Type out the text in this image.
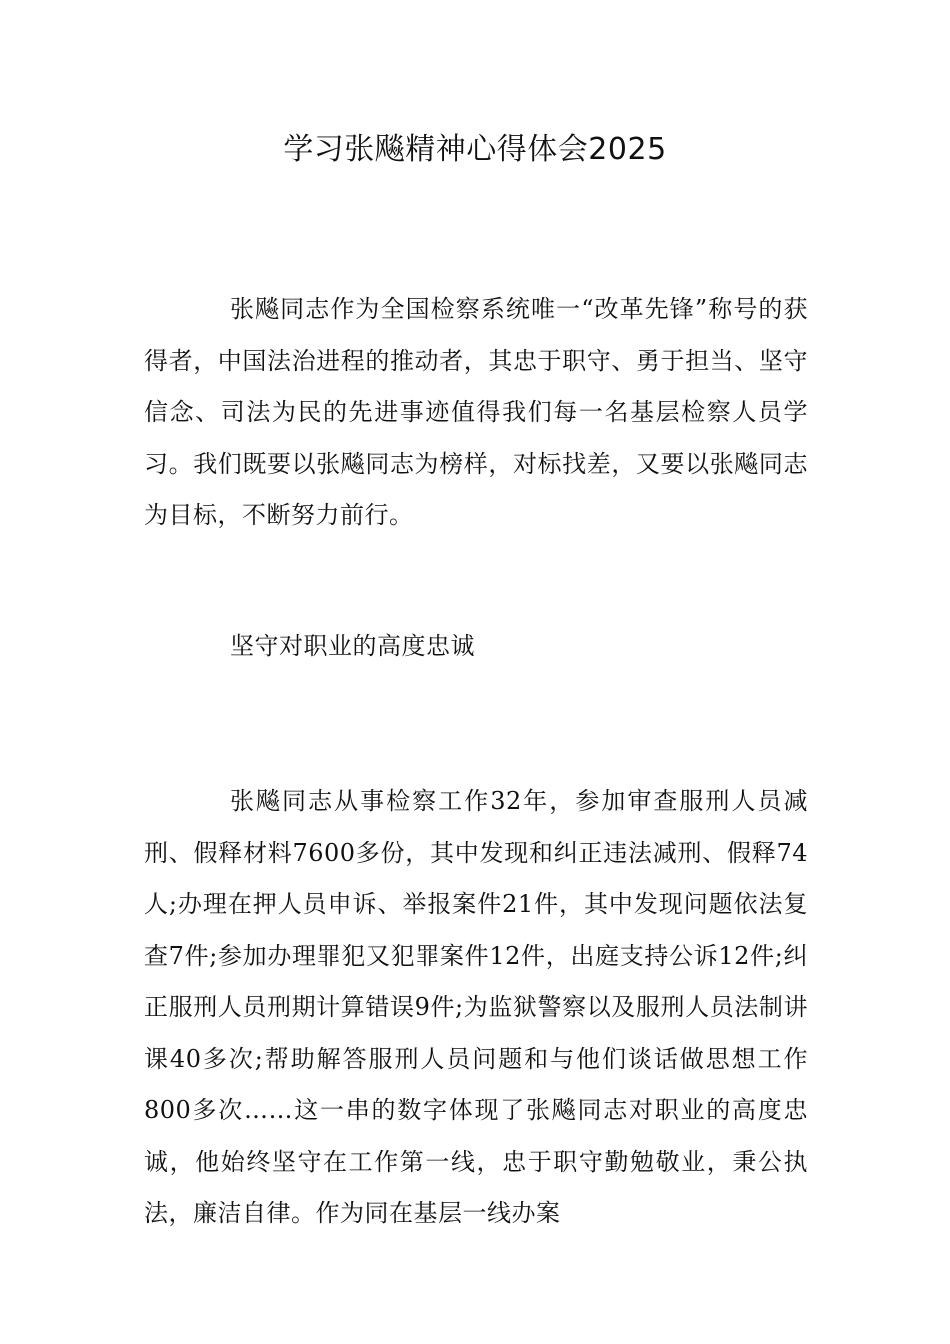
学习张飚精神心得体会2025

张飚同志作为全国检察系统唯一“改革先锋”称号的获得者，中国法治进程的推动者，其忠于职守、勇于担当、坚守信念、司法为民的先进事迹值得我们每一名基层检察人员学习。我们既要以张飚同志为榜样，对标找差，又要以张飚同志为目标，不断努力前行。

坚守对职业的高度忠诚

张飚同志从事检察工作32年，参加审查服刑人员减刑、假释材料7600多份，其中发现和纠正违法减刑、假释74人;办理在押人员申诉、举报案件21件，其中发现问题依法复查7件;参加办理罪犯又犯罪案件12件，出庭支持公诉12件;纠正服刑人员刑期计算错误9件;为监狱警察以及服刑人员法制讲课40多次;帮助解答服刑人员问题和与他们谈话做思想工作800多次……这一串的数字体现了张飚同志对职业的高度忠诚，他始终坚守在工作第一线，忠于职守勤勉敬业，秉公执法，廉洁自律。作为同在基层一线办案
